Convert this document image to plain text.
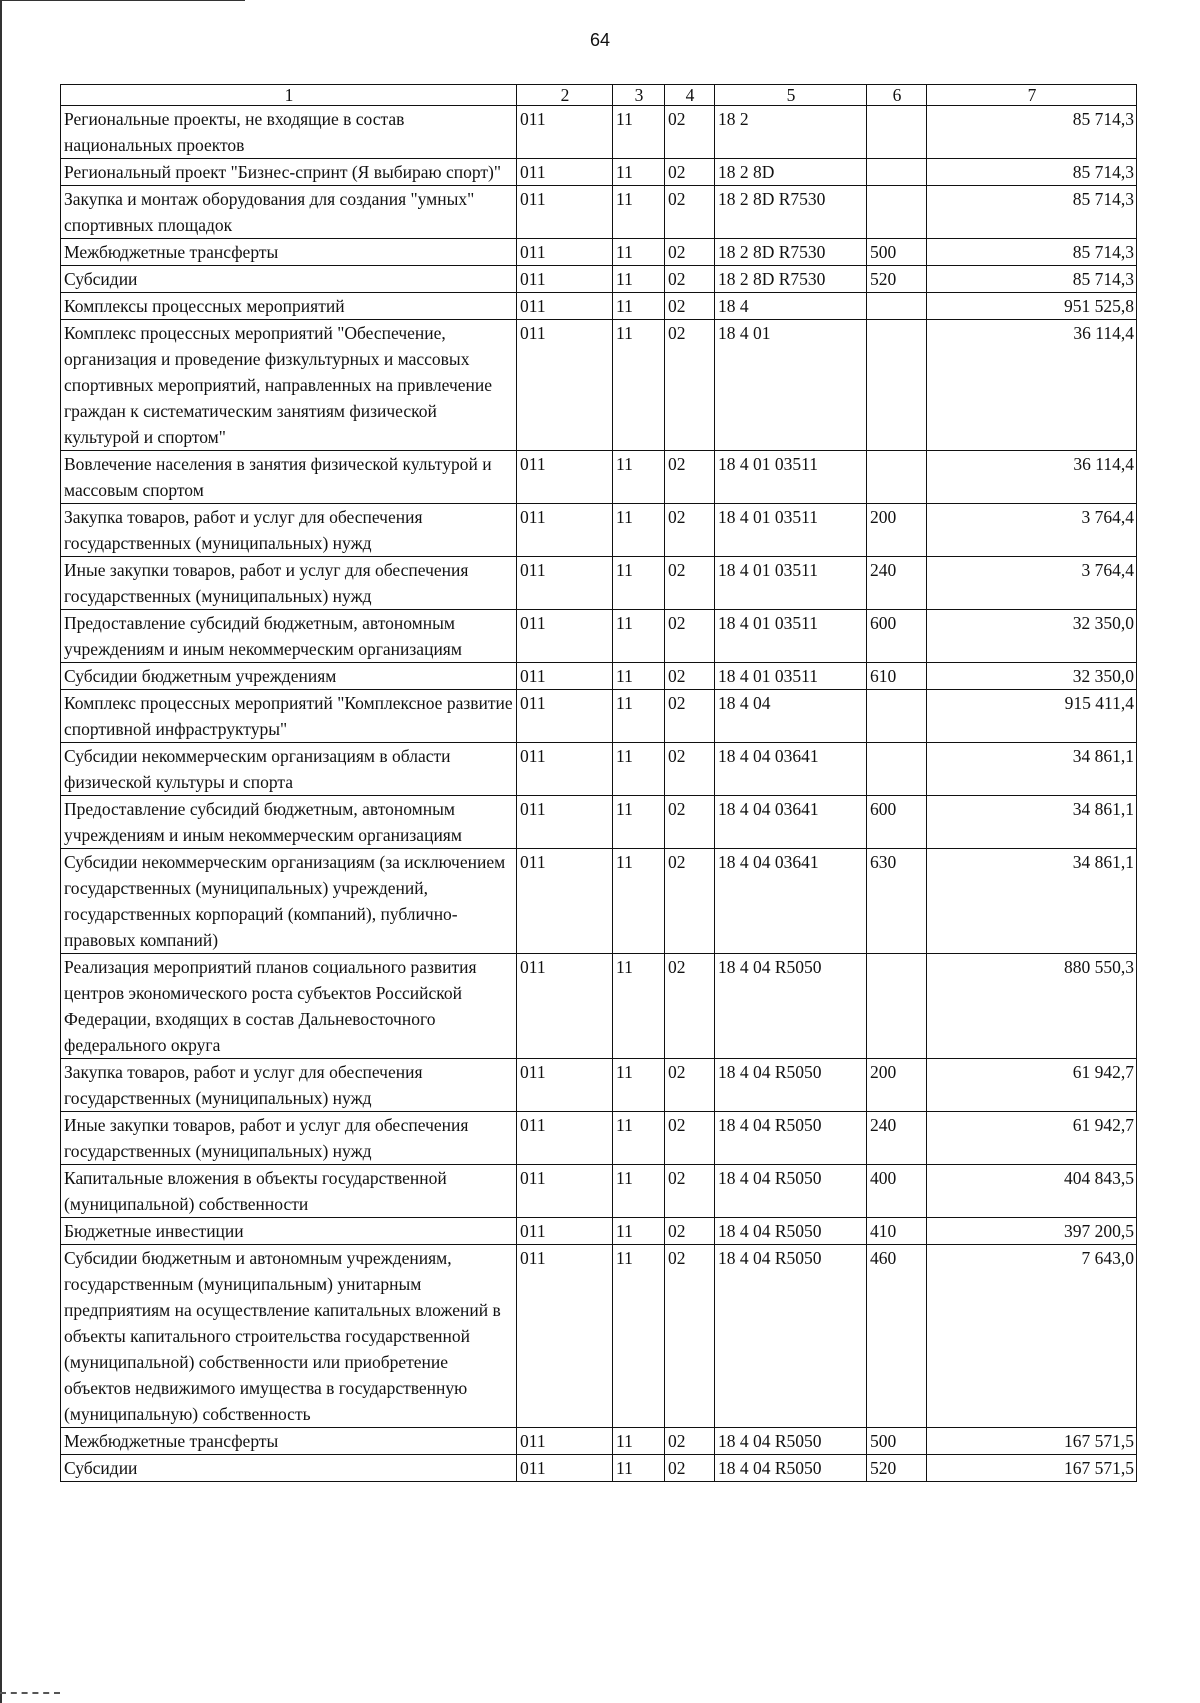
64
1	2	3	4	5	6	7
Региональные проекты, не входящие в состав национальных проектов	011	11	02	18 2		85 714,3
Региональный проект "Бизнес-спринт (Я выбираю спорт)"	011	11	02	18 2 8D		85 714,3
Закупка и монтаж оборудования для создания "умных" спортивных площадок	011	11	02	18 2 8D R7530		85 714,3
Межбюджетные трансферты	011	11	02	18 2 8D R7530	500	85 714,3
Субсидии	011	11	02	18 2 8D R7530	520	85 714,3
Комплексы процессных мероприятий	011	11	02	18 4		951 525,8
Комплекс процессных мероприятий "Обеспечение, организация и проведение физкультурных и массовых спортивных мероприятий, направленных на привлечение граждан к систематическим занятиям физической культурой и спортом"	011	11	02	18 4 01		36 114,4
Вовлечение населения в занятия физической культурой и массовым спортом	011	11	02	18 4 01 03511		36 114,4
Закупка товаров, работ и услуг для обеспечения государственных (муниципальных) нужд	011	11	02	18 4 01 03511	200	3 764,4
Иные закупки товаров, работ и услуг для обеспечения государственных (муниципальных) нужд	011	11	02	18 4 01 03511	240	3 764,4
Предоставление субсидий бюджетным, автономным учреждениям и иным некоммерческим организациям	011	11	02	18 4 01 03511	600	32 350,0
Субсидии бюджетным учреждениям	011	11	02	18 4 01 03511	610	32 350,0
Комплекс процессных мероприятий "Комплексное развитие спортивной инфраструктуры"	011	11	02	18 4 04		915 411,4
Субсидии некоммерческим организациям в области физической культуры и спорта	011	11	02	18 4 04 03641		34 861,1
Предоставление субсидий бюджетным, автономным учреждениям и иным некоммерческим организациям	011	11	02	18 4 04 03641	600	34 861,1
Субсидии некоммерческим организациям (за исключением государственных (муниципальных) учреждений, государственных корпораций (компаний), публично-правовых компаний)	011	11	02	18 4 04 03641	630	34 861,1
Реализация мероприятий планов социального развития центров экономического роста субъектов Российской Федерации, входящих в состав Дальневосточного федерального округа	011	11	02	18 4 04 R5050		880 550,3
Закупка товаров, работ и услуг для обеспечения государственных (муниципальных) нужд	011	11	02	18 4 04 R5050	200	61 942,7
Иные закупки товаров, работ и услуг для обеспечения государственных (муниципальных) нужд	011	11	02	18 4 04 R5050	240	61 942,7
Капитальные вложения в объекты государственной (муниципальной) собственности	011	11	02	18 4 04 R5050	400	404 843,5
Бюджетные инвестиции	011	11	02	18 4 04 R5050	410	397 200,5
Субсидии бюджетным и автономным учреждениям, государственным (муниципальным) унитарным предприятиям на осуществление капитальных вложений в объекты капитального строительства государственной (муниципальной) собственности или приобретение объектов недвижимого имущества в государственную (муниципальную) собственность	011	11	02	18 4 04 R5050	460	7 643,0
Межбюджетные трансферты	011	11	02	18 4 04 R5050	500	167 571,5
Субсидии	011	11	02	18 4 04 R5050	520	167 571,5
